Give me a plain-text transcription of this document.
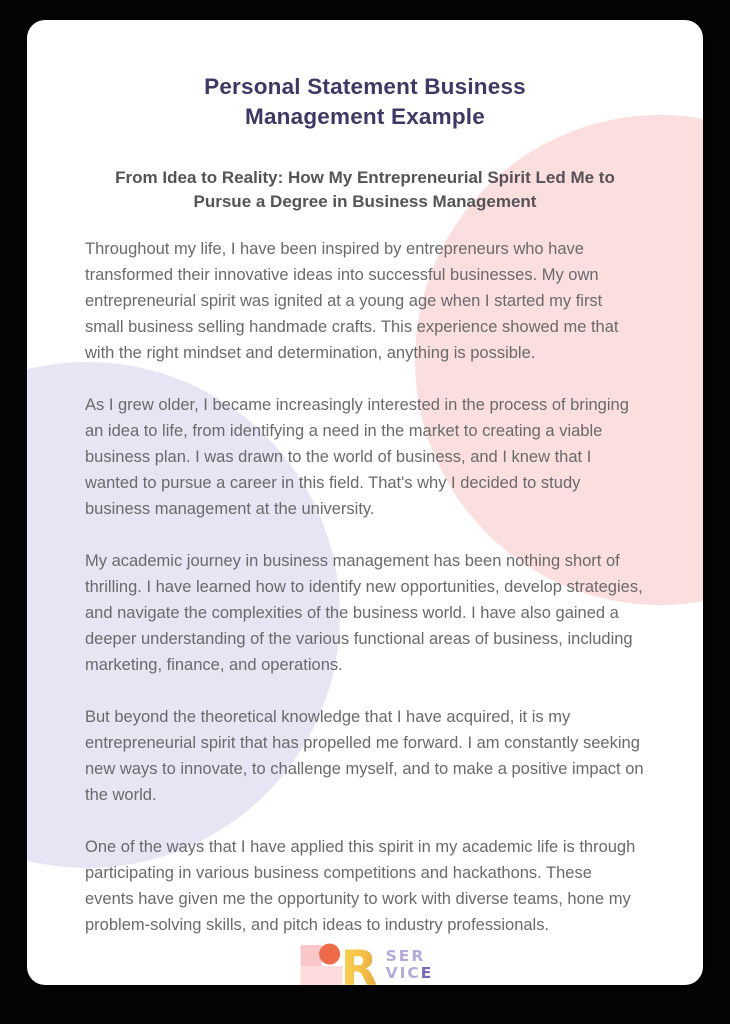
Personal Statement Business
Management Example
From Idea to Reality: How My Entrepreneurial Spirit Led Me to
Pursue a Degree in Business Management

Throughout my life, I have been inspired by entrepreneurs who have transformed their innovative ideas into successful businesses. My own entrepreneurial spirit was ignited at a young age when I started my first small business selling handmade crafts. This experience showed me that with the right mindset and determination, anything is possible.

As I grew older, I became increasingly interested in the process of bringing an idea to life, from identifying a need in the market to creating a viable business plan. I was drawn to the world of business, and I knew that I wanted to pursue a career in this field. That's why I decided to study business management at the university.

My academic journey in business management has been nothing short of thrilling. I have learned how to identify new opportunities, develop strategies, and navigate the complexities of the business world. I have also gained a deeper understanding of the various functional areas of business, including marketing, finance, and operations.

But beyond the theoretical knowledge that I have acquired, it is my entrepreneurial spirit that has propelled me forward. I am constantly seeking new ways to innovate, to challenge myself, and to make a positive impact on the world.

One of the ways that I have applied this spirit in my academic life is through participating in various business competitions and hackathons. These events have given me the opportunity to work with diverse teams, hone my problem-solving skills, and pitch ideas to industry professionals.

R SER
VICE
